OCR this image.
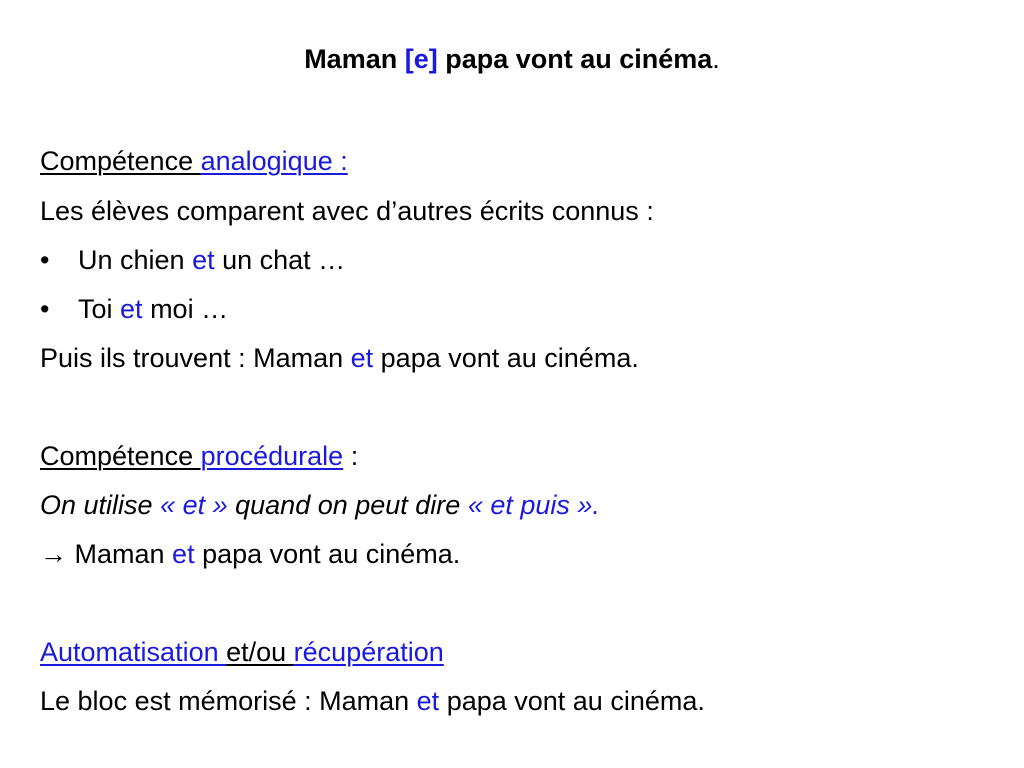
Maman [e] papa vont au cinéma.
Compétence analogique :
Les élèves comparent avec d’autres écrits connus :
• Un chien et un chat …
• Toi et moi …
Puis ils trouvent : Maman et papa vont au cinéma.
Compétence procédurale :
On utilise « et » quand on peut dire « et puis ».
→ Maman et papa vont au cinéma.
Automatisation et/ou récupération
Le bloc est mémorisé : Maman et papa vont au cinéma.
